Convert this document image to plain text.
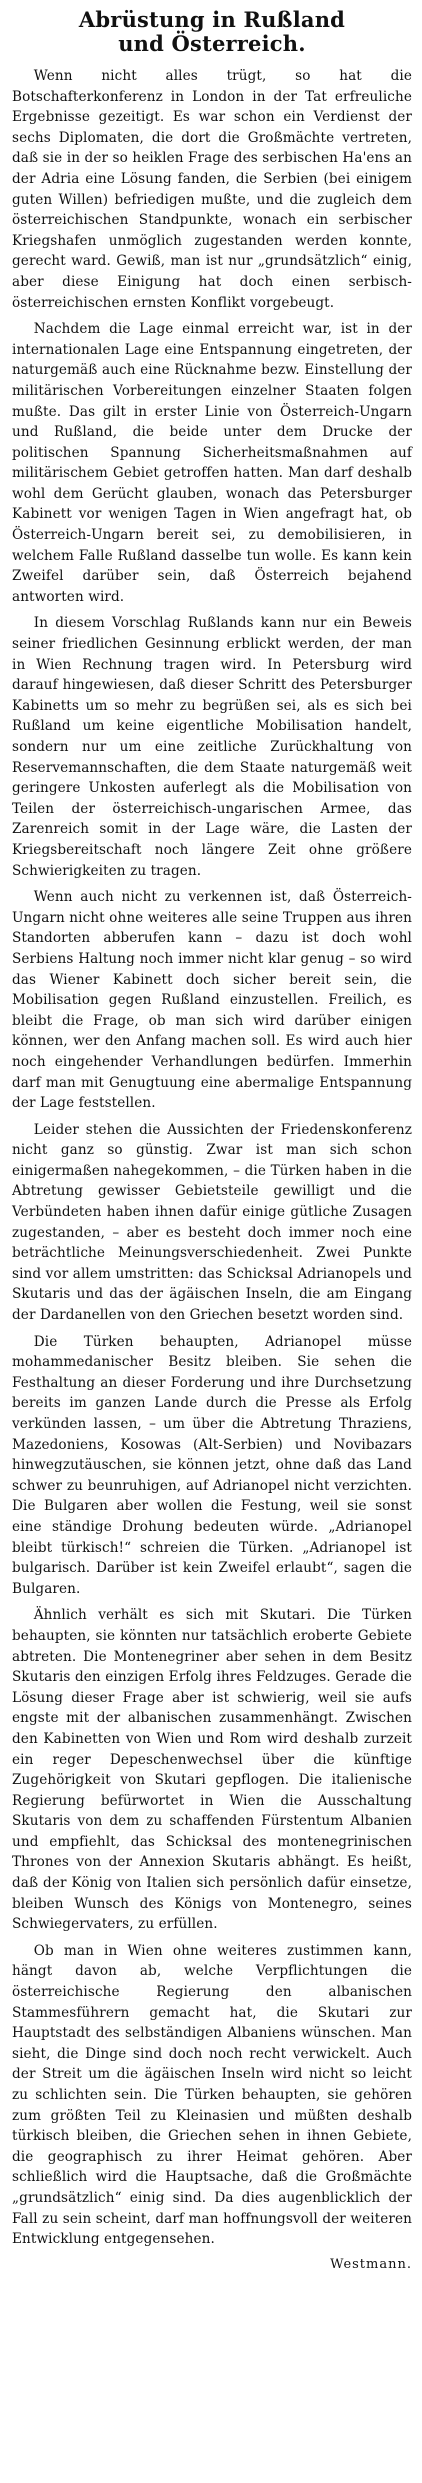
Abrüstung in Rußland
und Österreich.

Wenn nicht alles trügt, so hat die Botschafterkonferenz in London in der Tat erfreuliche Ergebnisse gezeitigt. Es war schon ein Verdienst der sechs Diplomaten, die dort die Großmächte vertreten, daß sie in der so heiklen Frage des serbischen Ha'ens an der Adria eine Lösung fanden, die Serbien (bei einigem guten Willen) befriedigen mußte, und die zugleich dem österreichischen Standpunkte, wonach ein serbischer Kriegshafen unmöglich zugestanden werden konnte, gerecht ward. Gewiß, man ist nur „grundsätzlich“ einig, aber diese Einigung hat doch einen serbisch-österreichischen ernsten Konflikt vorgebeugt.

Nachdem die Lage einmal erreicht war, ist in der internationalen Lage eine Entspannung eingetreten, der naturgemäß auch eine Rücknahme bezw. Einstellung der militärischen Vorbereitungen einzelner Staaten folgen mußte. Das gilt in erster Linie von Österreich-Ungarn und Rußland, die beide unter dem Drucke der politischen Spannung Sicherheitsmaßnahmen auf militärischem Gebiet getroffen hatten. Man darf deshalb wohl dem Gerücht glauben, wonach das Petersburger Kabinett vor wenigen Tagen in Wien angefragt hat, ob Österreich-Ungarn bereit sei, zu demobilisieren, in welchem Falle Rußland dasselbe tun wolle. Es kann kein Zweifel darüber sein, daß Österreich bejahend antworten wird.

In diesem Vorschlag Rußlands kann nur ein Beweis seiner friedlichen Gesinnung erblickt werden, der man in Wien Rechnung tragen wird. In Petersburg wird darauf hingewiesen, daß dieser Schritt des Petersburger Kabinetts um so mehr zu begrüßen sei, als es sich bei Rußland um keine eigentliche Mobilisation handelt, sondern nur um eine zeitliche Zurückhaltung von Reservemannschaften, die dem Staate naturgemäß weit geringere Unkosten auferlegt als die Mobilisation von Teilen der österreichisch-ungarischen Armee, das Zarenreich somit in der Lage wäre, die Lasten der Kriegsbereitschaft noch längere Zeit ohne größere Schwierigkeiten zu tragen.

Wenn auch nicht zu verkennen ist, daß Österreich-Ungarn nicht ohne weiteres alle seine Truppen aus ihren Standorten abberufen kann – dazu ist doch wohl Serbiens Haltung noch immer nicht klar genug – so wird das Wiener Kabinett doch sicher bereit sein, die Mobilisation gegen Rußland einzustellen. Freilich, es bleibt die Frage, ob man sich wird darüber einigen können, wer den Anfang machen soll. Es wird auch hier noch eingehender Verhandlungen bedürfen. Immerhin darf man mit Genugtuung eine abermalige Entspannung der Lage feststellen.

Leider stehen die Aussichten der Friedenskonferenz nicht ganz so günstig. Zwar ist man sich schon einigermaßen nahegekommen, – die Türken haben in die Abtretung gewisser Gebietsteile gewilligt und die Verbündeten haben ihnen dafür einige gütliche Zusagen zugestanden, – aber es besteht doch immer noch eine beträchtliche Meinungsverschiedenheit. Zwei Punkte sind vor allem umstritten: das Schicksal Adrianopels und Skutaris und das der ägäischen Inseln, die am Eingang der Dardanellen von den Griechen besetzt worden sind.

Die Türken behaupten, Adrianopel müsse mohammedanischer Besitz bleiben. Sie sehen die Festhaltung an dieser Forderung und ihre Durchsetzung bereits im ganzen Lande durch die Presse als Erfolg verkünden lassen, – um über die Abtretung Thraziens, Mazedoniens, Kosowas (Alt-Serbien) und Novibazars hinwegzutäuschen, sie können jetzt, ohne daß das Land schwer zu beunruhigen, auf Adrianopel nicht verzichten. Die Bulgaren aber wollen die Festung, weil sie sonst eine ständige Drohung bedeuten würde. „Adrianopel bleibt türkisch!“ schreien die Türken. „Adrianopel ist bulgarisch. Darüber ist kein Zweifel erlaubt“, sagen die Bulgaren.

Ähnlich verhält es sich mit Skutari. Die Türken behaupten, sie könnten nur tatsächlich eroberte Gebiete abtreten. Die Montenegriner aber sehen in dem Besitz Skutaris den einzigen Erfolg ihres Feldzuges. Gerade die Lösung dieser Frage aber ist schwierig, weil sie aufs engste mit der albanischen zusammenhängt. Zwischen den Kabinetten von Wien und Rom wird deshalb zurzeit ein reger Depeschenwechsel über die künftige Zugehörigkeit von Skutari gepflogen. Die italienische Regierung befürwortet in Wien die Ausschaltung Skutaris von dem zu schaffenden Fürstentum Albanien und empfiehlt, das Schicksal des montenegrinischen Thrones von der Annexion Skutaris abhängt. Es heißt, daß der König von Italien sich persönlich dafür einsetze, bleiben Wunsch des Königs von Montenegro, seines Schwiegervaters, zu erfüllen.

Ob man in Wien ohne weiteres zustimmen kann, hängt davon ab, welche Verpflichtungen die österreichische Regierung den albanischen Stammesführern gemacht hat, die Skutari zur Hauptstadt des selbständigen Albaniens wünschen. Man sieht, die Dinge sind doch noch recht verwickelt. Auch der Streit um die ägäischen Inseln wird nicht so leicht zu schlichten sein. Die Türken behaupten, sie gehören zum größten Teil zu Kleinasien und müßten deshalb türkisch bleiben, die Griechen sehen in ihnen Gebiete, die geographisch zu ihrer Heimat gehören. Aber schließlich wird die Hauptsache, daß die Großmächte „grundsätzlich“ einig sind. Da dies augenblicklich der Fall zu sein scheint, darf man hoffnungsvoll der weiteren Entwicklung entgegensehen.

Westmann.
